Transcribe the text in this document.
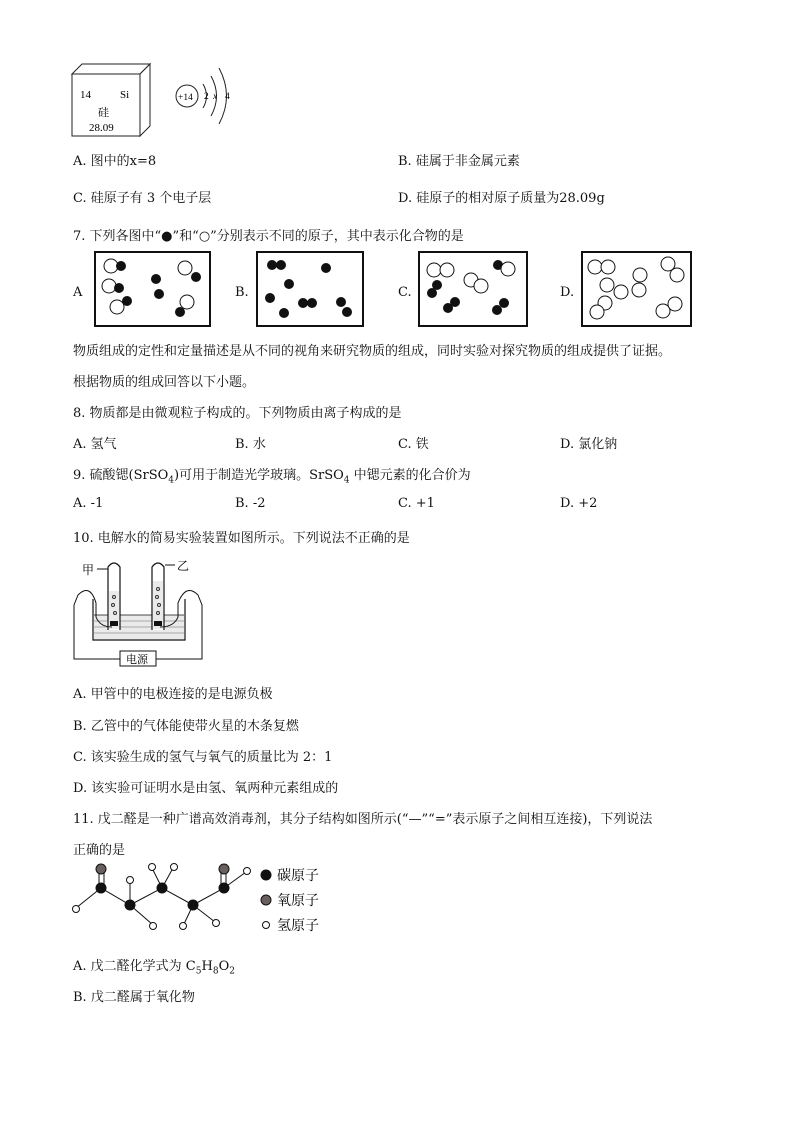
14	Si
硅
28.09
+14 2 x 4
A. 图中的x=8	B. 硅属于非金属元素
C. 硅原子有 3 个电子层	D. 硅原子的相对原子质量为28.09g
7. 下列各图中“●”和“○”分别表示不同的原子，其中表示化合物的是
A	B.	C.	D.
物质组成的定性和定量描述是从不同的视角来研究物质的组成，同时实验对探究物质的组成提供了证据。
根据物质的组成回答以下小题。
8. 物质都是由微观粒子构成的。下列物质由离子构成的是
A. 氢气	B. 水	C. 铁	D. 氯化钠
9. 硫酸锶(SrSO$_4$)可用于制造光学玻璃。SrSO$_4$ 中锶元素的化合价为
A. -1	B. -2	C. +1	D. +2
10. 电解水的简易实验装置如图所示。下列说法不正确的是
甲	乙
电源
A. 甲管中的电极连接的是电源负极
B. 乙管中的气体能使带火星的木条复燃
C. 该实验生成的氢气与氧气的质量比为 2：1
D. 该实验可证明水是由氢、氧两种元素组成的
11. 戊二醛是一种广谱高效消毒剂，其分子结构如图所示(“—”“=”表示原子之间相互连接)，下列说法
正确的是
碳原子
氧原子
氢原子
A. 戊二醛化学式为 $C_5H_8O_2$
B. 戊二醛属于氧化物
